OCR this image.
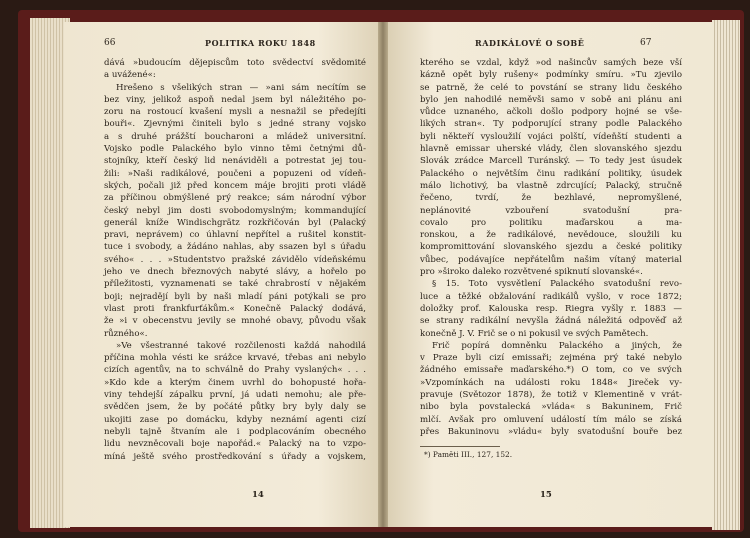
66	POLITIKA ROKU 1848	RADIKÁLOVÉ O SOBĚ	67

dává »budoucím dějepiscům toto svědectví svědomité

a uvážené«:

Hrešeno s všelikých stran — »ani sám necítím se

bez viny, jelikož aspoň nedal jsem byl náležitého po-

zoru na rostoucí kvašení mysli a nesnažil se předejíti

bouři«. Zjevnými činiteli bylo s jedné strany vojsko

a s druhé prážští boucharoni a mládež universitní.

Vojsko podle Palackého bylo vinno těmi četnými dů-

stojníky, kteří český lid nenáviděli a potrestat jej tou-

žili: »Naši radikálové, poučeni a popuzeni od vídeň-

ských, počali již před koncem máje brojiti proti vládě

za příčinou obmýšlené prý reakce; sám národní výbor

český nebyl jim dosti svobodomyslným; kommandující

generál kníže Windischgrätz rozkřičován byl (Palacký

pravi, neprávem) co úhlavní nepřítel a rušitel konstit-

tuce i svobody, a žádáno nahlas, aby ssazen byl s úřadu

svého« . . . »Studentstvo pražské závidělo vídeňskému

jeho ve dnech březnových nabyté slávy, a hořelo po

příležitosti, vyznamenati se také chrabrostí v nějakém

boji; nejradějí byli by naši mladí páni potýkali se pro

vlast proti frankfurťákům.« Konečně Palacký dodává,

že »i v obecenstvu jevily se mnohé obavy, původu však

různého«.

»Ve všestranné takové rozčilenosti každá nahodilá

příčina mohla vésti ke srážce krvavé, třebas ani nebylo

cizích agentův, na to schválně do Prahy vyslaných« . . .

»Kdo kde a kterým činem uvrhl do bohopusté hořa-

viny tehdejší zápalku první, já udati nemohu; ale pře-

svědčen jsem, že by počáté půtky bry byly daly se

ukojiti zase po domácku, kdyby neznámí agenti cizí

nebyli tajně štvaním ale i podplacováním obecného

lidu nevzněcovali boje napořád.« Palacký na to vzpo-

míná ještě svého prostředkování s úřady a vojskem,

kterého se vzdal, když »od našincův samých beze vší

kázně opět byly rušeny« podmínky smíru. »Tu zjevilo

se patrně, že celé to povstání se strany lidu českého

bylo jen nahodilé neměvši samo v sobě ani plánu ani

vůdce uznaného, ačkoli došlo podpory hojné se vše-

likých stran«. Ty podporující strany podle Palackého

byli někteří vysloužilí vojáci polští, vídeňští studenti a

hlavně emissar uherské vlády, člen slovanského sjezdu

Slovák zrádce Marcell Turánský. — To tedy jest úsudek

Palackého o největším činu radikání politiky, úsudek

málo lichotivý, ba vlastně zdrcující; Palacký, stručně

řečeno, tvrdí, že bezhlavé, nepromyšlené,

neplánovité vzbouření svatodušní pra-

covalo pro politiku maďarskou a ma-

ronskou, a že radikálové, nevědouce, sloužili ku

kompromittování slovanského sjezdu a české politiky

vůbec, podávajíce nepřátelům našim vítaný material

pro »široko daleko rozvětvené spiknutí slovanské«.

§ 15. Toto vysvětlení Palackého svatodušní revo-

luce a těžké obžalování radikálů vyšlo, v roce 1872;

doložky prof. Kalouska resp. Riegra vyšly r. 1883 —

se strany radikální nevyšla žádná náležitá odpověď až

konečně J. V. Frič se o ni pokusil ve svých Pamětech.

Frič popírá domněnku Palackého a jiných, že

v Praze byli cizí emissaři; zejména prý také nebylo

žádného emissaře maďarského.*) O tom, co ve svých

»Vzpomínkách na události roku 1848« Jireček vy-

pravuje (Světozor 1878), že totiž v Klementině v vrát-

nibo byla povstalecká »vláda« s Bakuninem, Frič

mlčí. Avšak pro omluvení událostí tím málo se získá

přes Bakuninovu »vládu« byly svatodušní bouře bez

*) Paměti III., 127, 152.
14	15
